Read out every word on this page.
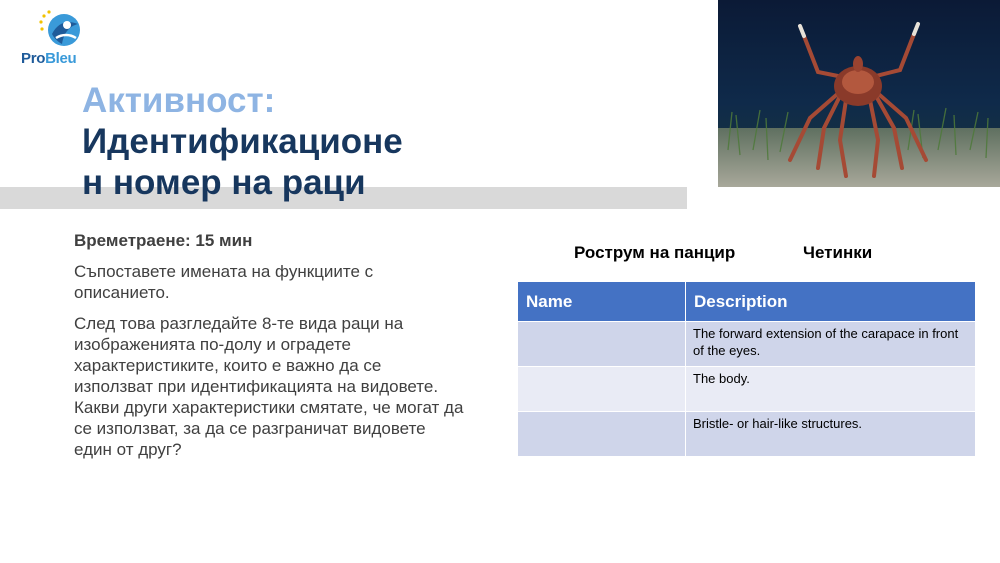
ProBleu
Активност:
Идентификационе
н номер на раци

Времетраене: 15 мин

Съпоставете имената на функциите с описанието.

След това разгледайте 8-те вида раци на изображенията по-долу и оградете характеристиките, които е важно да се използват при идентификацията на видовете. Какви други характеристики смятате, че могат да се използват, за да се разграничат видовете един от друг?

Рострум на панцир	Четинки
Name	Description
	The forward extension of the carapace in front of the eyes.
	The body.
	Bristle- or hair-like structures.
